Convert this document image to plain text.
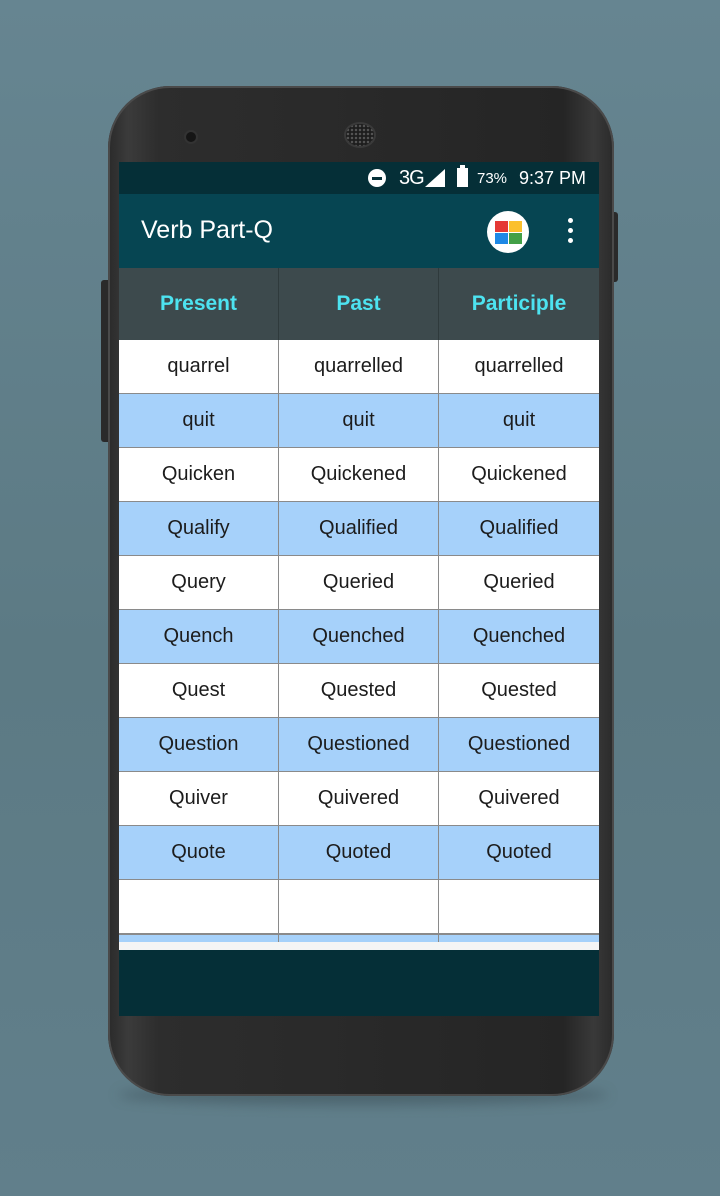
3G	73% 9:37 PM
Verb Part-Q
Present	Past	Participle
quarrel	quarrelled	quarrelled
quit	quit	quit
Quicken	Quickened	Quickened
Qualify	Qualified	Qualified
Query	Queried	Queried
Quench	Quenched	Quenched
Quest	Quested	Quested
Question	Questioned	Questioned
Quiver	Quivered	Quivered
Quote	Quoted	Quoted
